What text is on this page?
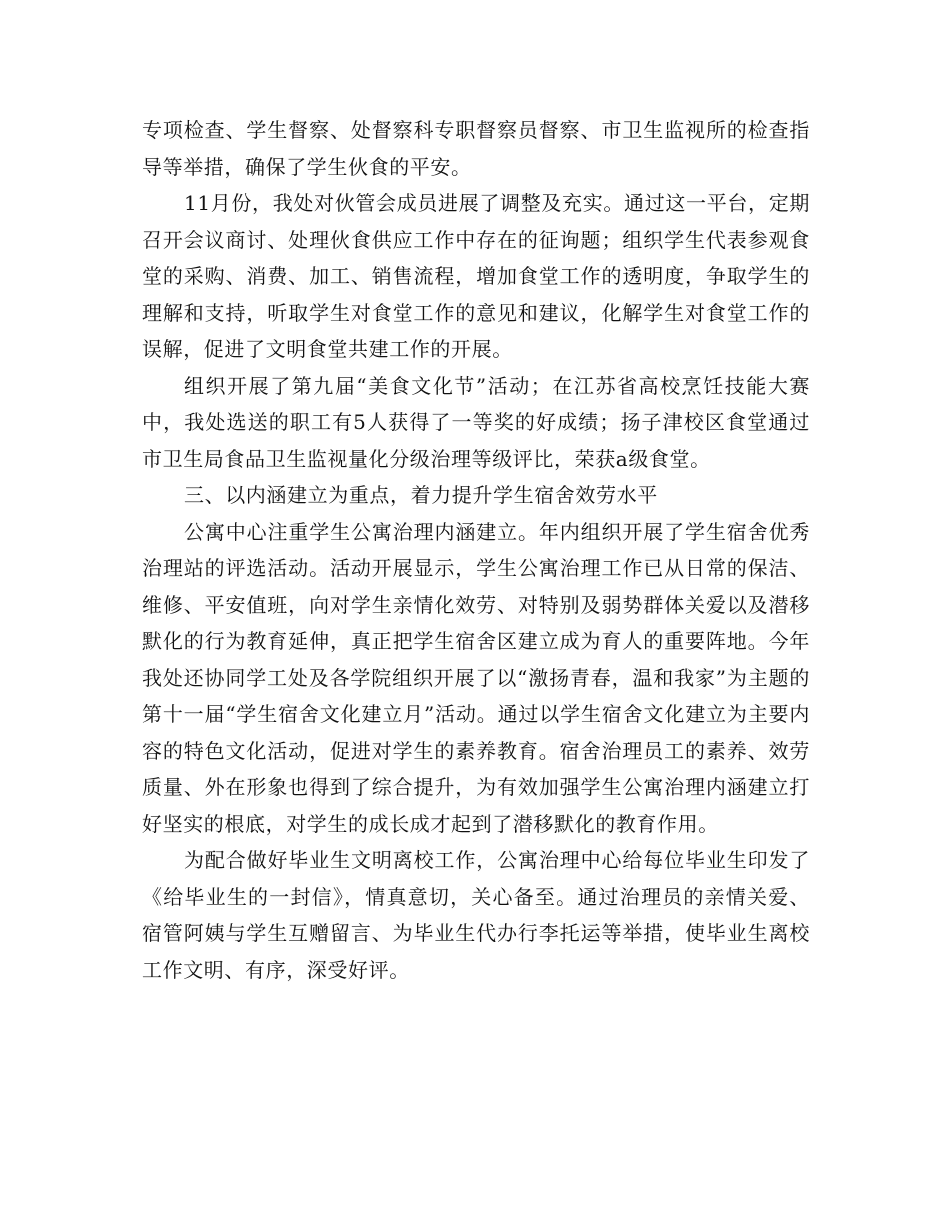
专项检查、学生督察、处督察科专职督察员督察、市卫生监视所的检查指导等举措，确保了学生伙食的平安。

11月份，我处对伙管会成员进展了调整及充实。通过这一平台，定期召开会议商讨、处理伙食供应工作中存在的征询题；组织学生代表参观食堂的采购、消费、加工、销售流程，增加食堂工作的透明度，争取学生的理解和支持，听取学生对食堂工作的意见和建议，化解学生对食堂工作的误解，促进了文明食堂共建工作的开展。

组织开展了第九届“美食文化节”活动；在江苏省高校烹饪技能大赛中，我处选送的职工有5人获得了一等奖的好成绩；扬子津校区食堂通过市卫生局食品卫生监视量化分级治理等级评比，荣获a级食堂。

三、以内涵建立为重点，着力提升学生宿舍效劳水平

公寓中心注重学生公寓治理内涵建立。年内组织开展了学生宿舍优秀治理站的评选活动。活动开展显示，学生公寓治理工作已从日常的保洁、维修、平安值班，向对学生亲情化效劳、对特别及弱势群体关爱以及潜移默化的行为教育延伸，真正把学生宿舍区建立成为育人的重要阵地。今年我处还协同学工处及各学院组织开展了以“激扬青春，温和我家”为主题的第十一届“学生宿舍文化建立月”活动。通过以学生宿舍文化建立为主要内容的特色文化活动，促进对学生的素养教育。宿舍治理员工的素养、效劳质量、外在形象也得到了综合提升，为有效加强学生公寓治理内涵建立打好坚实的根底，对学生的成长成才起到了潜移默化的教育作用。

为配合做好毕业生文明离校工作，公寓治理中心给每位毕业生印发了《给毕业生的一封信》，情真意切，关心备至。通过治理员的亲情关爱、宿管阿姨与学生互赠留言、为毕业生代办行李托运等举措，使毕业生离校工作文明、有序，深受好评。
